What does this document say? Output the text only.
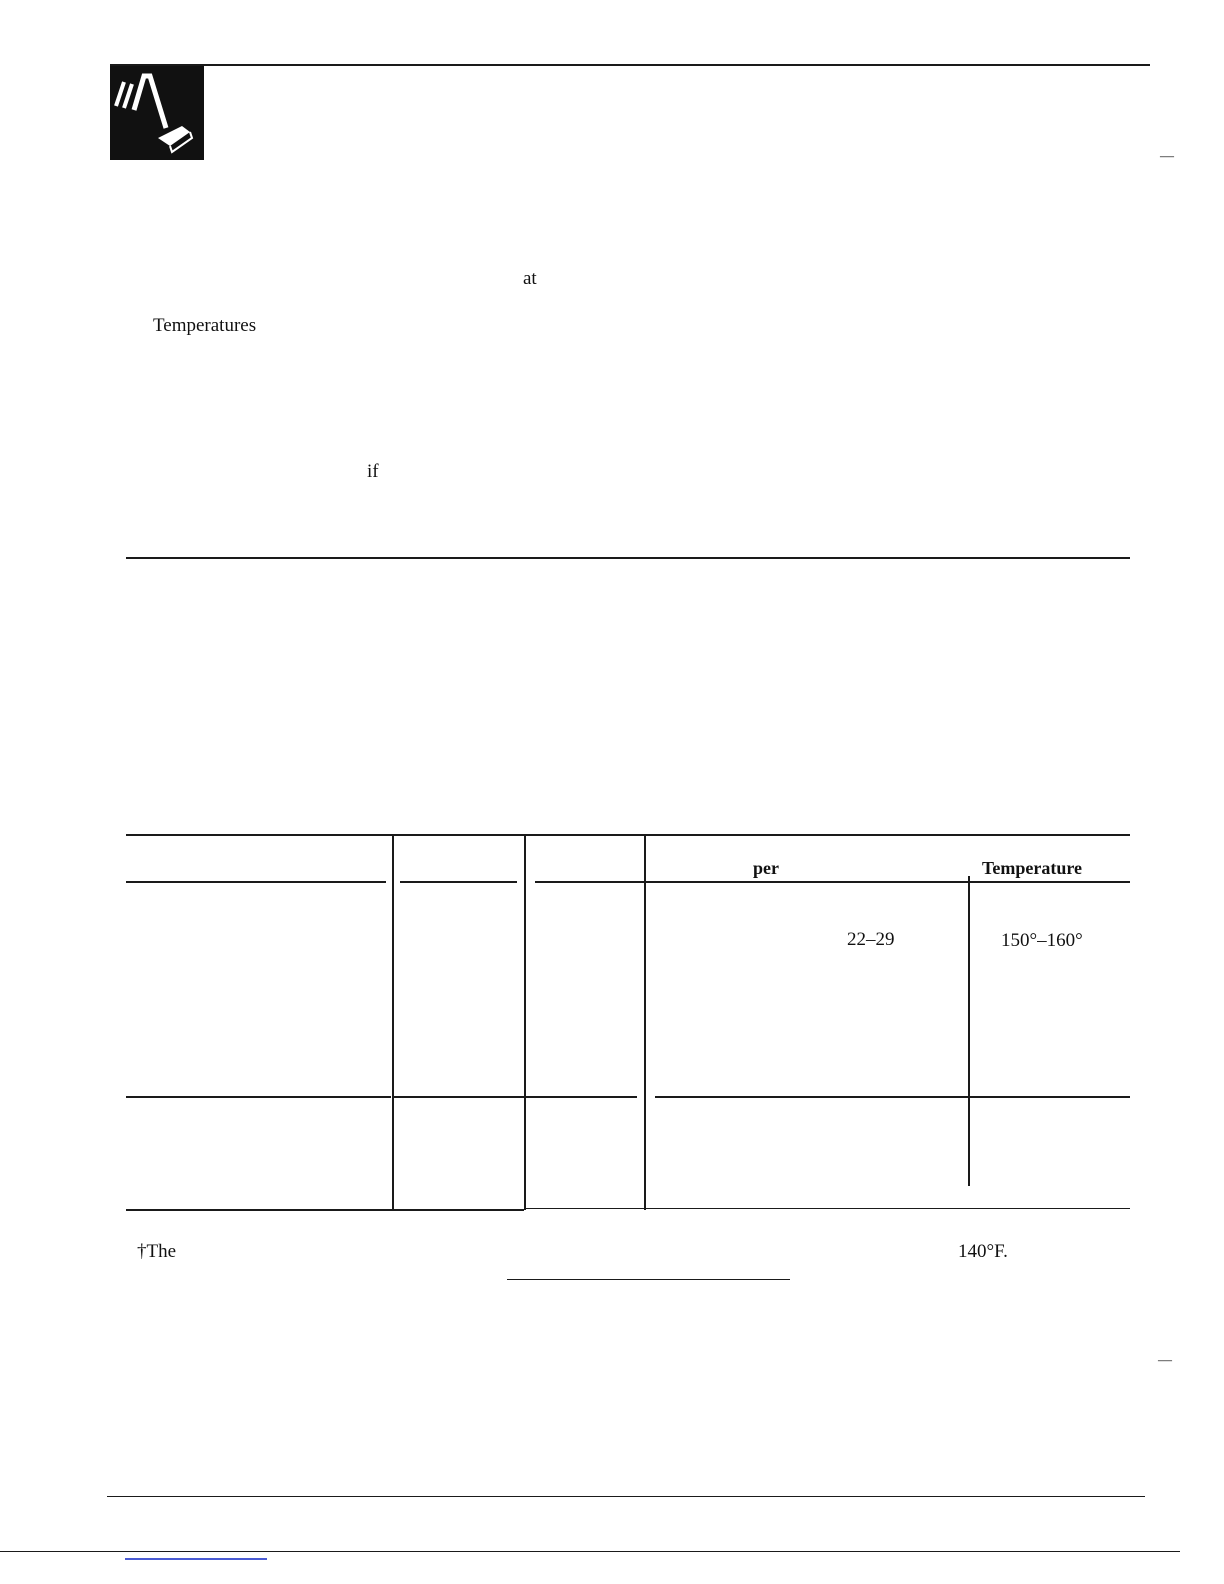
—
at
Temperatures
if
per	Temperature
22–29	150°–160°
†The	140°F.
—
